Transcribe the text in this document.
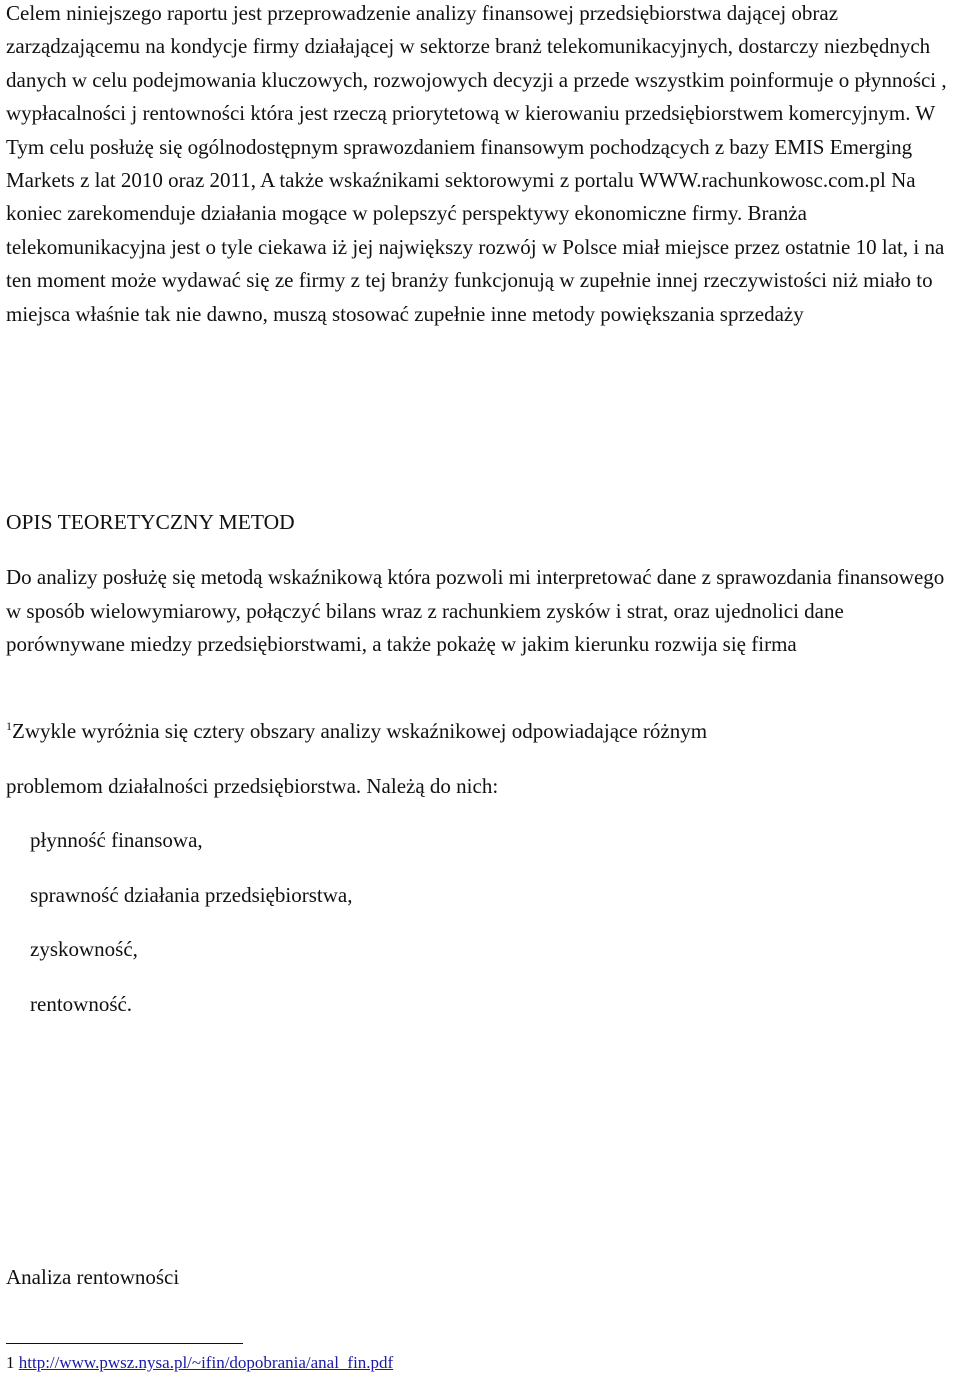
Celem niniejszego raportu jest przeprowadzenie analizy finansowej przedsiębiorstwa dającej obraz zarządzającemu na kondycje firmy działającej w sektorze branż telekomunikacyjnych, dostarczy niezbędnych danych w celu podejmowania kluczowych, rozwojowych decyzji a przede wszystkim poinformuje o płynności , wypłacalności j rentowności która jest rzeczą priorytetową w kierowaniu przedsiębiorstwem komercyjnym. W Tym celu posłużę się ogólnodostępnym sprawozdaniem finansowym pochodzących z bazy EMIS Emerging Markets z lat 2010 oraz 2011, A także wskaźnikami sektorowymi z portalu WWW.rachunkowosc.com.pl Na koniec zarekomenduje działania mogące w polepszyć perspektywy ekonomiczne firmy. Branża telekomunikacyjna jest o tyle ciekawa iż jej największy rozwój w Polsce miał miejsce przez ostatnie 10 lat, i na ten moment może wydawać się ze firmy z tej branży funkcjonują w zupełnie innej rzeczywistości niż miało to miejsca właśnie tak nie dawno, muszą stosować zupełnie inne metody powiększania sprzedaży

OPIS TEORETYCZNY METOD

Do analizy posłużę się metodą wskaźnikową która pozwoli mi interpretować dane z sprawozdania finansowego w sposób wielowymiarowy, połączyć bilans wraz z rachunkiem zysków i strat, oraz ujednolici dane porównywane miedzy przedsiębiorstwami, a także pokażę w jakim kierunku rozwija się firma

$^1$Zwykle wyróżnia się cztery obszary analizy wskaźnikowej odpowiadające różnym

problemom działalności przedsiębiorstwa. Należą do nich:

płynność finansowa,
sprawność działania przedsiębiorstwa,
zyskowność,
rentowność.
Analiza rentowności

1 http://www.pwsz.nysa.pl/~ifin/dopobrania/anal_fin.pdf
